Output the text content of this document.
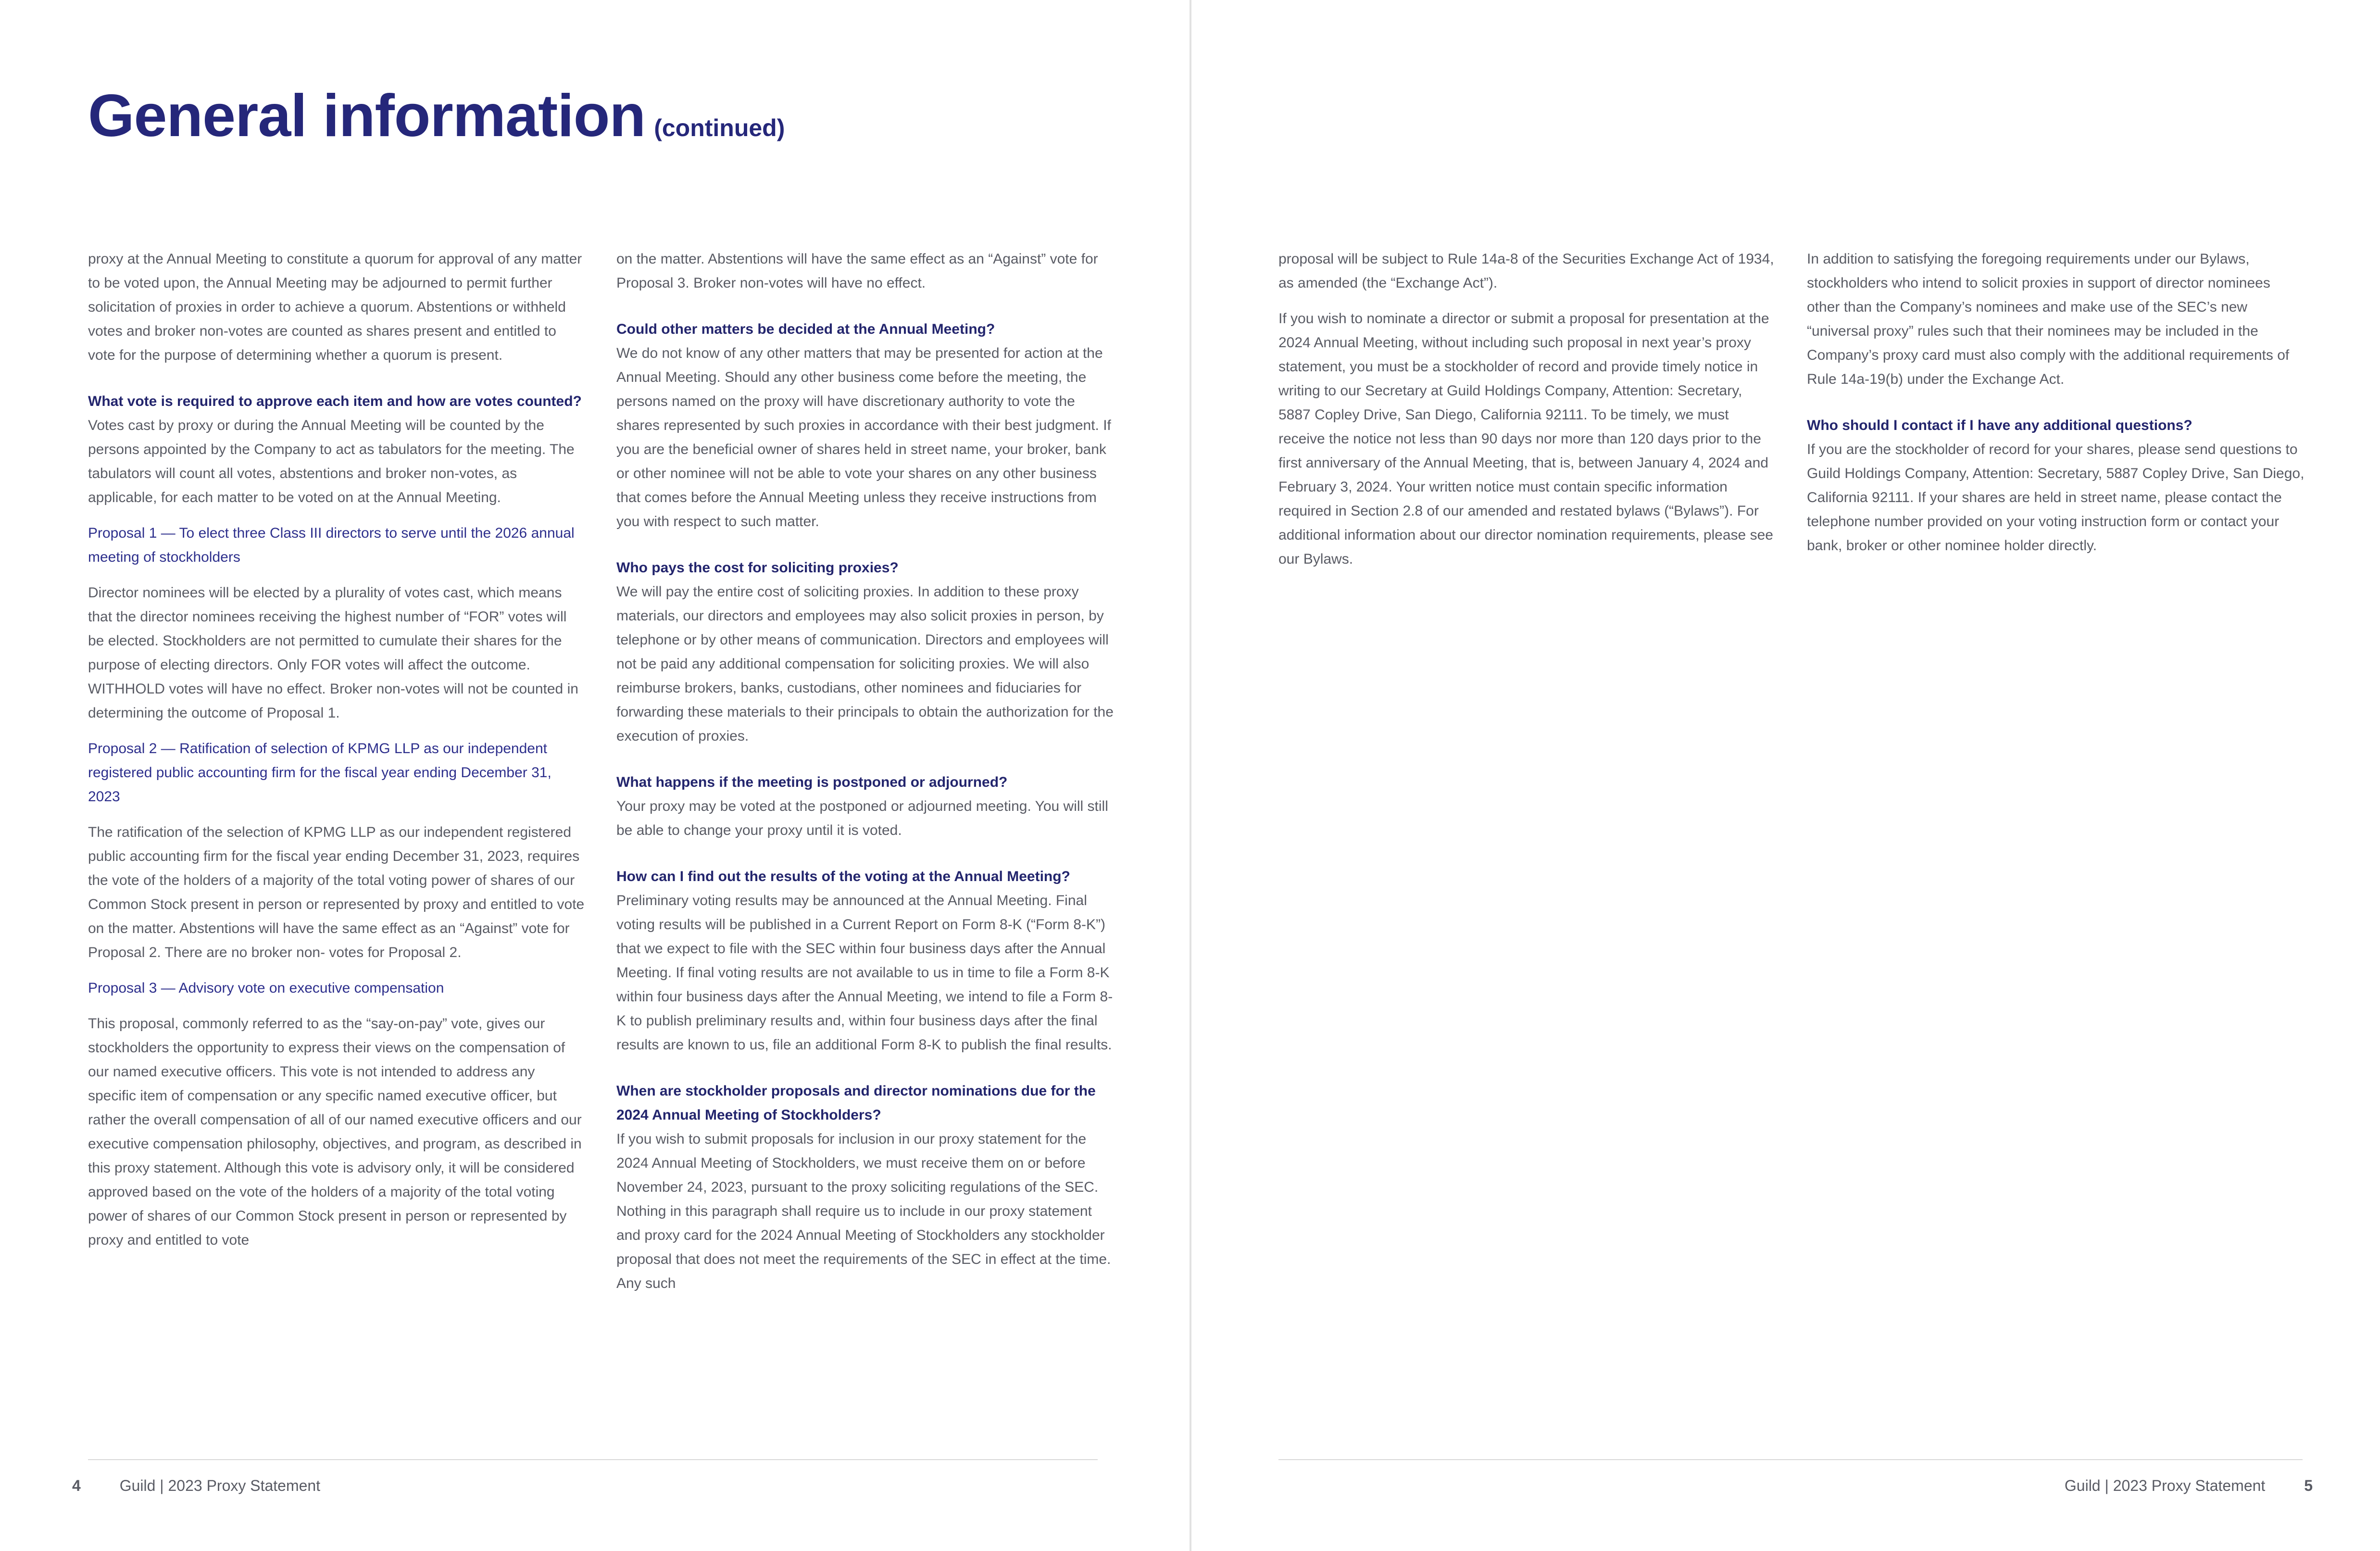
General information (continued)

proxy at the Annual Meeting to constitute a quorum for approval of any matter to be voted upon, the Annual Meeting may be adjourned to permit further solicitation of proxies in order to achieve a quorum. Abstentions or withheld votes and broker non-votes are counted as shares present and entitled to vote for the purpose of determining whether a quorum is present.

What vote is required to approve each item and how are votes counted?

Votes cast by proxy or during the Annual Meeting will be counted by the persons appointed by the Company to act as tabulators for the meeting. The tabulators will count all votes, abstentions and broker non-votes, as applicable, for each matter to be voted on at the Annual Meeting.

Proposal 1 — To elect three Class III directors to serve until the 2026 annual meeting of stockholders

Director nominees will be elected by a plurality of votes cast, which means that the director nominees receiving the highest number of “FOR” votes will be elected. Stockholders are not permitted to cumulate their shares for the purpose of electing directors. Only FOR votes will affect the outcome. WITHHOLD votes will have no effect. Broker non-votes will not be counted in determining the outcome of Proposal 1.

Proposal 2 — Ratification of selection of KPMG LLP as our independent registered public accounting firm for the fiscal year ending December 31, 2023

The ratification of the selection of KPMG LLP as our independent registered public accounting firm for the fiscal year ending December 31, 2023, requires the vote of the holders of a majority of the total voting power of shares of our Common Stock present in person or represented by proxy and entitled to vote on the matter. Abstentions will have the same effect as an “Against” vote for Proposal 2. There are no broker non- votes for Proposal 2.

Proposal 3 — Advisory vote on executive compensation

This proposal, commonly referred to as the “say-on-pay” vote, gives our stockholders the opportunity to express their views on the compensation of our named executive officers. This vote is not intended to address any specific item of compensation or any specific named executive officer, but rather the overall compensation of all of our named executive officers and our executive compensation philosophy, objectives, and program, as described in this proxy statement. Although this vote is advisory only, it will be considered approved based on the vote of the holders of a majority of the total voting power of shares of our Common Stock present in person or represented by proxy and entitled to vote

on the matter. Abstentions will have the same effect as an “Against” vote for Proposal 3. Broker non-votes will have no effect.

Could other matters be decided at the Annual Meeting?

We do not know of any other matters that may be presented for action at the Annual Meeting. Should any other business come before the meeting, the persons named on the proxy will have discretionary authority to vote the shares represented by such proxies in accordance with their best judgment. If you are the beneficial owner of shares held in street name, your broker, bank or other nominee will not be able to vote your shares on any other business that comes before the Annual Meeting unless they receive instructions from you with respect to such matter.

Who pays the cost for soliciting proxies?

We will pay the entire cost of soliciting proxies. In addition to these proxy materials, our directors and employees may also solicit proxies in person, by telephone or by other means of communication. Directors and employees will not be paid any additional compensation for soliciting proxies. We will also reimburse brokers, banks, custodians, other nominees and fiduciaries for forwarding these materials to their principals to obtain the authorization for the execution of proxies.

What happens if the meeting is postponed or adjourned?

Your proxy may be voted at the postponed or adjourned meeting. You will still be able to change your proxy until it is voted.

How can I find out the results of the voting at the Annual Meeting?

Preliminary voting results may be announced at the Annual Meeting. Final voting results will be published in a Current Report on Form 8-K (“Form 8-K”) that we expect to file with the SEC within four business days after the Annual Meeting. If final voting results are not available to us in time to file a Form 8-K within four business days after the Annual Meeting, we intend to file a Form 8-K to publish preliminary results and, within four business days after the final results are known to us, file an additional Form 8-K to publish the final results.

When are stockholder proposals and director nominations due for the 2024 Annual Meeting of Stockholders?

If you wish to submit proposals for inclusion in our proxy statement for the 2024 Annual Meeting of Stockholders, we must receive them on or before November 24, 2023, pursuant to the proxy soliciting regulations of the SEC. Nothing in this paragraph shall require us to include in our proxy statement and proxy card for the 2024 Annual Meeting of Stockholders any stockholder proposal that does not meet the requirements of the SEC in effect at the time. Any such

proposal will be subject to Rule 14a-8 of the Securities Exchange Act of 1934, as amended (the “Exchange Act”).

If you wish to nominate a director or submit a proposal for presentation at the 2024 Annual Meeting, without including such proposal in next year’s proxy statement, you must be a stockholder of record and provide timely notice in writing to our Secretary at Guild Holdings Company, Attention: Secretary, 5887 Copley Drive, San Diego, California 92111. To be timely, we must receive the notice not less than 90 days nor more than 120 days prior to the first anniversary of the Annual Meeting, that is, between January 4, 2024 and February 3, 2024. Your written notice must contain specific information required in Section 2.8 of our amended and restated bylaws (“Bylaws”). For additional information about our director nomination requirements, please see our Bylaws.

In addition to satisfying the foregoing requirements under our Bylaws, stockholders who intend to solicit proxies in support of director nominees other than the Company’s nominees and make use of the SEC’s new “universal proxy” rules such that their nominees may be included in the Company’s proxy card must also comply with the additional requirements of Rule 14a-19(b) under the Exchange Act.

Who should I contact if I have any additional questions?

If you are the stockholder of record for your shares, please send questions to Guild Holdings Company, Attention: Secretary, 5887 Copley Drive, San Diego, California 92111. If your shares are held in street name, please contact the telephone number provided on your voting instruction form or contact your bank, broker or other nominee holder directly.

4	Guild | 2023 Proxy Statement	Guild | 2023 Proxy Statement	5
